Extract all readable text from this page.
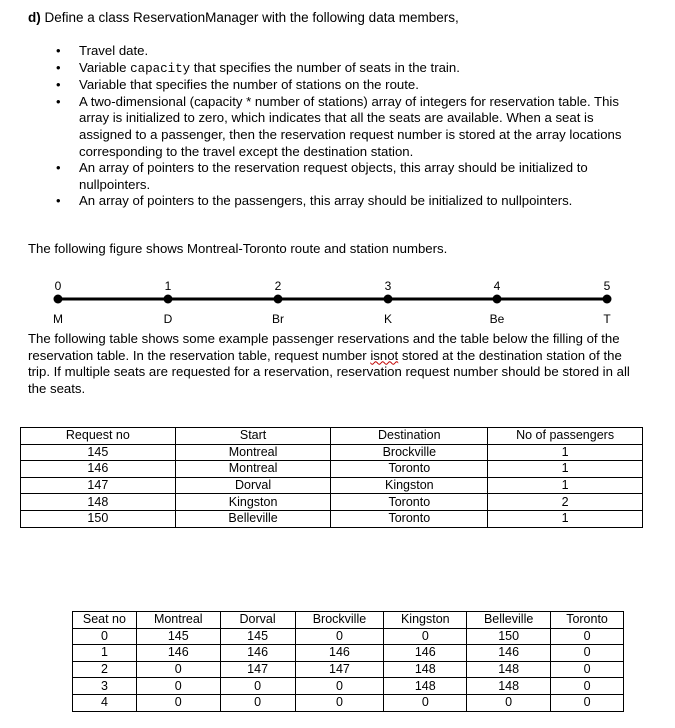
d) Define a class ReservationManager with the following data members,
• Travel date.
• Variable capacity that specifies the number of seats in the train.
• Variable that specifies the number of stations on the route.
• A two-dimensional (capacity * number of stations) array of integers for reservation table. This array is initialized to zero, which indicates that all the seats are available. When a seat is assigned to a passenger, then the reservation request number is stored at the array locations corresponding to the travel except the destination station.
• An array of pointers to the reservation request objects, this array should be initialized to nullpointers.
• An array of pointers to the passengers, this array should be initialized to nullpointers.
The following figure shows Montreal-Toronto route and station numbers.
0
M
1
D
2
Br
3
K
4
Be
5
T
The following table shows some example passenger reservations and the table below the filling of the reservation table. In the reservation table, request number isnot stored at the destination station of the trip. If multiple seats are requested for a reservation, reservation request number should be stored in all the seats.
Request no	Start	Destination	No of passengers
145	Montreal	Brockville	1
146	Montreal	Toronto	1
147	Dorval	Kingston	1
148	Kingston	Toronto	2
150	Belleville	Toronto	1
Seat no	Montreal	Dorval	Brockville	Kingston	Belleville	Toronto
0	145	145	0	0	150	0
1	146	146	146	146	146	0
2	0	147	147	148	148	0
3	0	0	0	148	148	0
4	0	0	0	0	0	0
